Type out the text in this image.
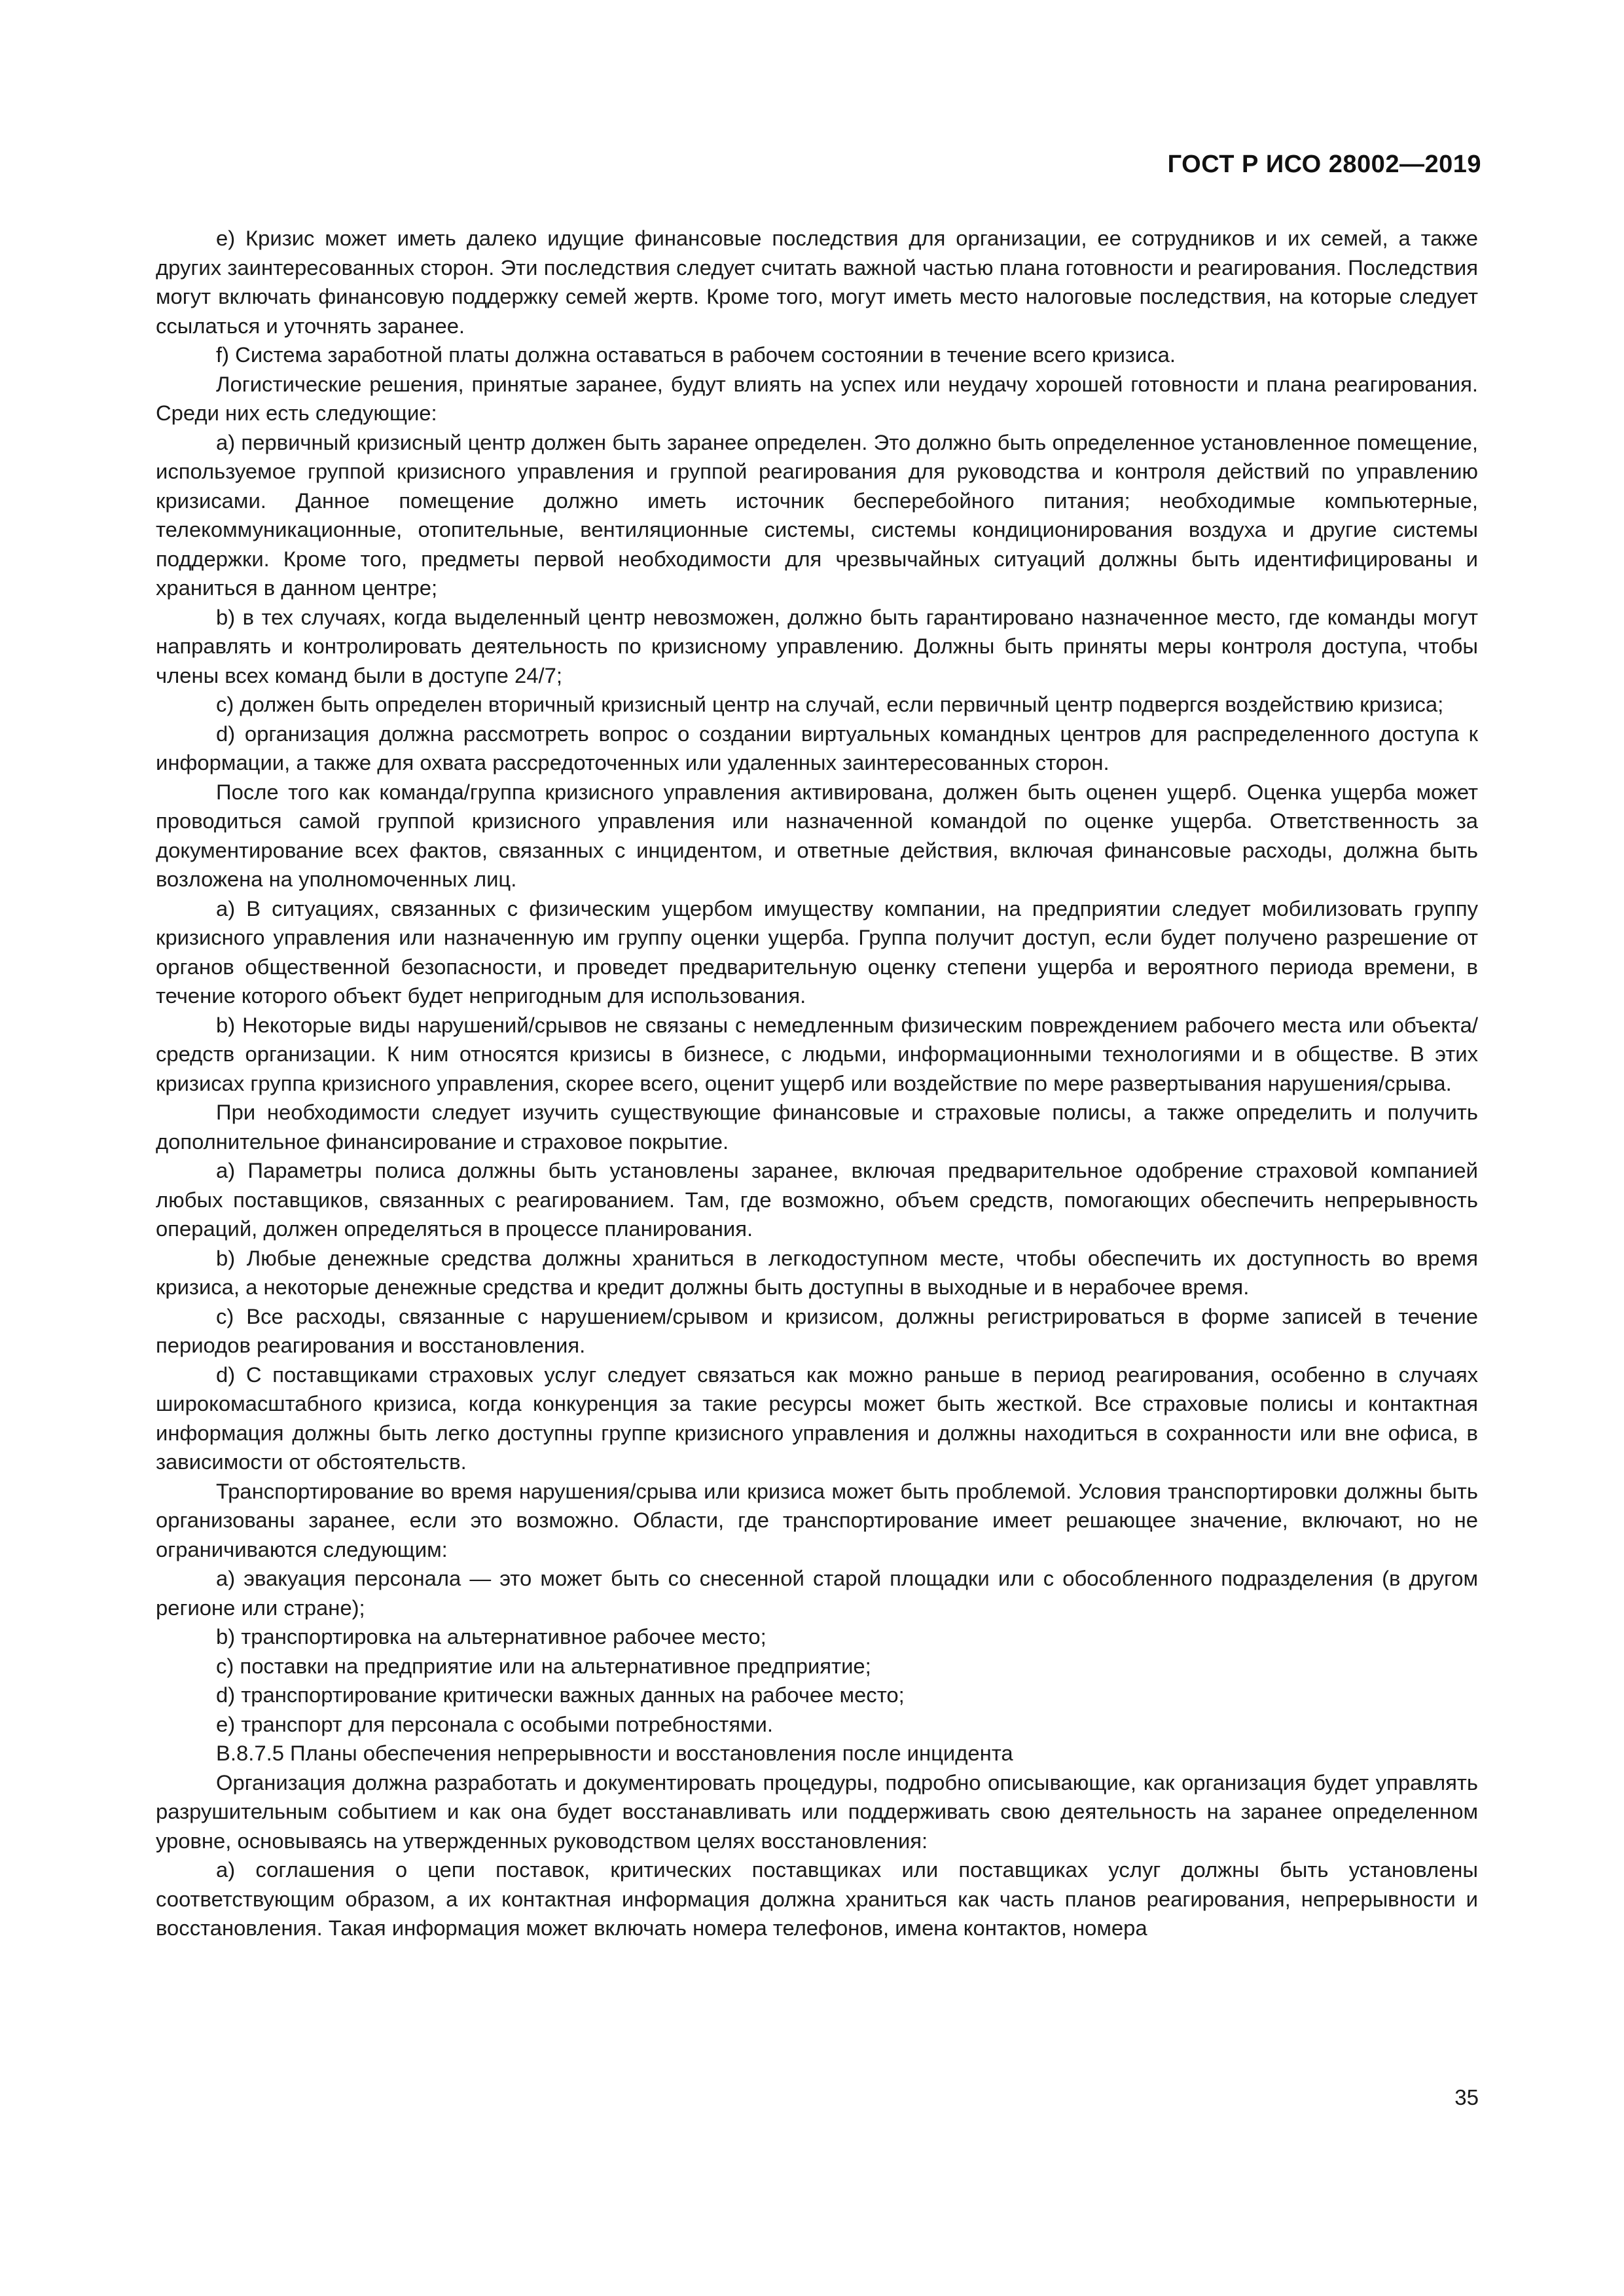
ГОСТ Р ИСО 28002—2019

e) Кризис может иметь далеко идущие финансовые последствия для организации, ее сотрудников и их семей, а также других заинтересованных сторон. Эти последствия следует считать важной частью плана готовности и реагирования. Последствия могут включать финансовую поддержку семей жертв. Кроме того, могут иметь место налоговые последствия, на которые следует ссылаться и уточнять заранее.

f) Система заработной платы должна оставаться в рабочем состоянии в течение всего кризиса.

Логистические решения, принятые заранее, будут влиять на успех или неудачу хорошей готовности и плана реагирования. Среди них есть следующие:

a) первичный кризисный центр должен быть заранее определен. Это должно быть определенное установленное помещение, используемое группой кризисного управления и группой реагирования для руководства и контроля действий по управлению кризисами. Данное помещение должно иметь источник бесперебойного питания; необходимые компьютерные, телекоммуникационные, отопительные, вентиляционные системы, системы кондиционирования воздуха и другие системы поддержки. Кроме того, предметы первой необходимости для чрезвычайных ситуаций должны быть идентифицированы и храниться в данном центре;

b) в тех случаях, когда выделенный центр невозможен, должно быть гарантировано назначенное место, где команды могут направлять и контролировать деятельность по кризисному управлению. Должны быть приняты меры контроля доступа, чтобы члены всех команд были в доступе 24/7;

c) должен быть определен вторичный кризисный центр на случай, если первичный центр подвергся воздействию кризиса;

d) организация должна рассмотреть вопрос о создании виртуальных командных центров для распределенного доступа к информации, а также для охвата рассредоточенных или удаленных заинтересованных сторон.

После того как команда/группа кризисного управления активирована, должен быть оценен ущерб. Оценка ущерба может проводиться самой группой кризисного управления или назначенной командой по оценке ущерба. Ответственность за документирование всех фактов, связанных с инцидентом, и ответные действия, включая финансовые расходы, должна быть возложена на уполномоченных лиц.

a) В ситуациях, связанных с физическим ущербом имуществу компании, на предприятии следует мобилизовать группу кризисного управления или назначенную им группу оценки ущерба. Группа получит доступ, если будет получено разрешение от органов общественной безопасности, и проведет предварительную оценку степени ущерба и вероятного периода времени, в течение которого объект будет непригодным для использования.

b) Некоторые виды нарушений/срывов не связаны с немедленным физическим повреждением рабочего места или объекта/средств организации. К ним относятся кризисы в бизнесе, с людьми, информационными технологиями и в обществе. В этих кризисах группа кризисного управления, скорее всего, оценит ущерб или воздействие по мере развертывания нарушения/срыва.

При необходимости следует изучить существующие финансовые и страховые полисы, а также определить и получить дополнительное финансирование и страховое покрытие.

a) Параметры полиса должны быть установлены заранее, включая предварительное одобрение страховой компанией любых поставщиков, связанных с реагированием. Там, где возможно, объем средств, помогающих обеспечить непрерывность операций, должен определяться в процессе планирования.

b) Любые денежные средства должны храниться в легкодоступном месте, чтобы обеспечить их доступность во время кризиса, а некоторые денежные средства и кредит должны быть доступны в выходные и в нерабочее время.

c) Все расходы, связанные с нарушением/срывом и кризисом, должны регистрироваться в форме записей в течение периодов реагирования и восстановления.

d) С поставщиками страховых услуг следует связаться как можно раньше в период реагирования, особенно в случаях широкомасштабного кризиса, когда конкуренция за такие ресурсы может быть жесткой. Все страховые полисы и контактная информация должны быть легко доступны группе кризисного управления и должны находиться в сохранности или вне офиса, в зависимости от обстоятельств.

Транспортирование во время нарушения/срыва или кризиса может быть проблемой. Условия транспортировки должны быть организованы заранее, если это возможно. Области, где транспортирование имеет решающее значение, включают, но не ограничиваются следующим:

a) эвакуация персонала — это может быть со снесенной старой площадки или с обособленного подразделения (в другом регионе или стране);

b) транспортировка на альтернативное рабочее место;

c) поставки на предприятие или на альтернативное предприятие;

d) транспортирование критически важных данных на рабочее место;

e) транспорт для персонала с особыми потребностями.

B.8.7.5 Планы обеспечения непрерывности и восстановления после инцидента

Организация должна разработать и документировать процедуры, подробно описывающие, как организация будет управлять разрушительным событием и как она будет восстанавливать или поддерживать свою деятельность на заранее определенном уровне, основываясь на утвержденных руководством целях восстановления:

a) соглашения о цепи поставок, критических поставщиках или поставщиках услуг должны быть установлены соответствующим образом, а их контактная информация должна храниться как часть планов реагирования, непрерывности и восстановления. Такая информация может включать номера телефонов, имена контактов, номера

35
